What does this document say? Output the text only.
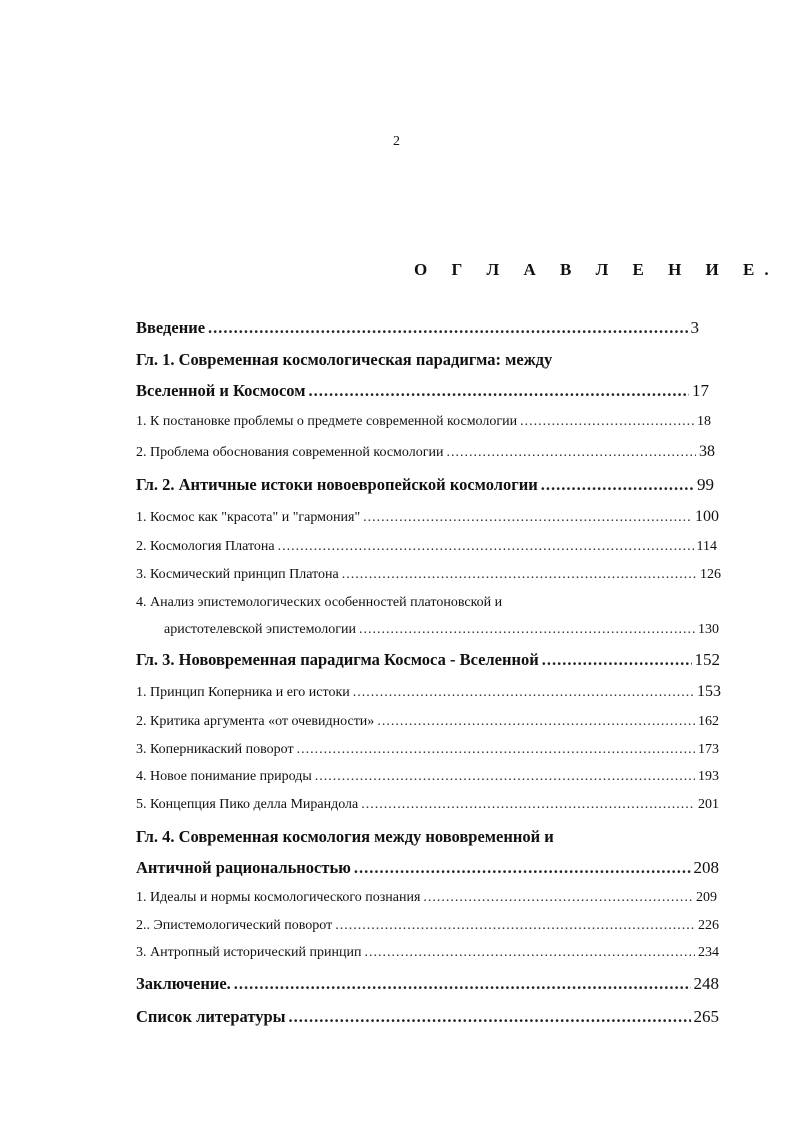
2
О Г Л А В Л Е Н И Е.
Введение .....	3
Гл. 1. Современная космологическая парадигма: между
Вселенной и Космосом .....	17
1. К постановке проблемы о предмете современной космологии .....	18
2. Проблема обоснования современной космологии .....	38
Гл. 2. Античные истоки новоевропейской космологии .....	99
1. Космос как "красота" и "гармония" .....	100
2. Космология Платона .....	114
3. Космический принцип Платона .....	126
4. Анализ эпистемологических особенностей платоновской и
аристотелевской эпистемологии .....	130
Гл. 3. Нововременная парадигма Космоса - Вселенной .....	152
1. Принцип Коперника и его истоки .....	153
2. Критика аргумента «от очевидности» .....	162
3. Коперникаский поворот .....	173
4. Новое понимание природы .....	193
5. Концепция Пико делла Мирандола .....	201
Гл. 4. Современная космология между нововременной и
Античной рациональностью .....	208
1. Идеалы и нормы космологического познания .....	209
2.. Эпистемологический поворот .....	226
3. Антропный исторический принцип .....	234
Заключение. .....	248
Список литературы .....	265
